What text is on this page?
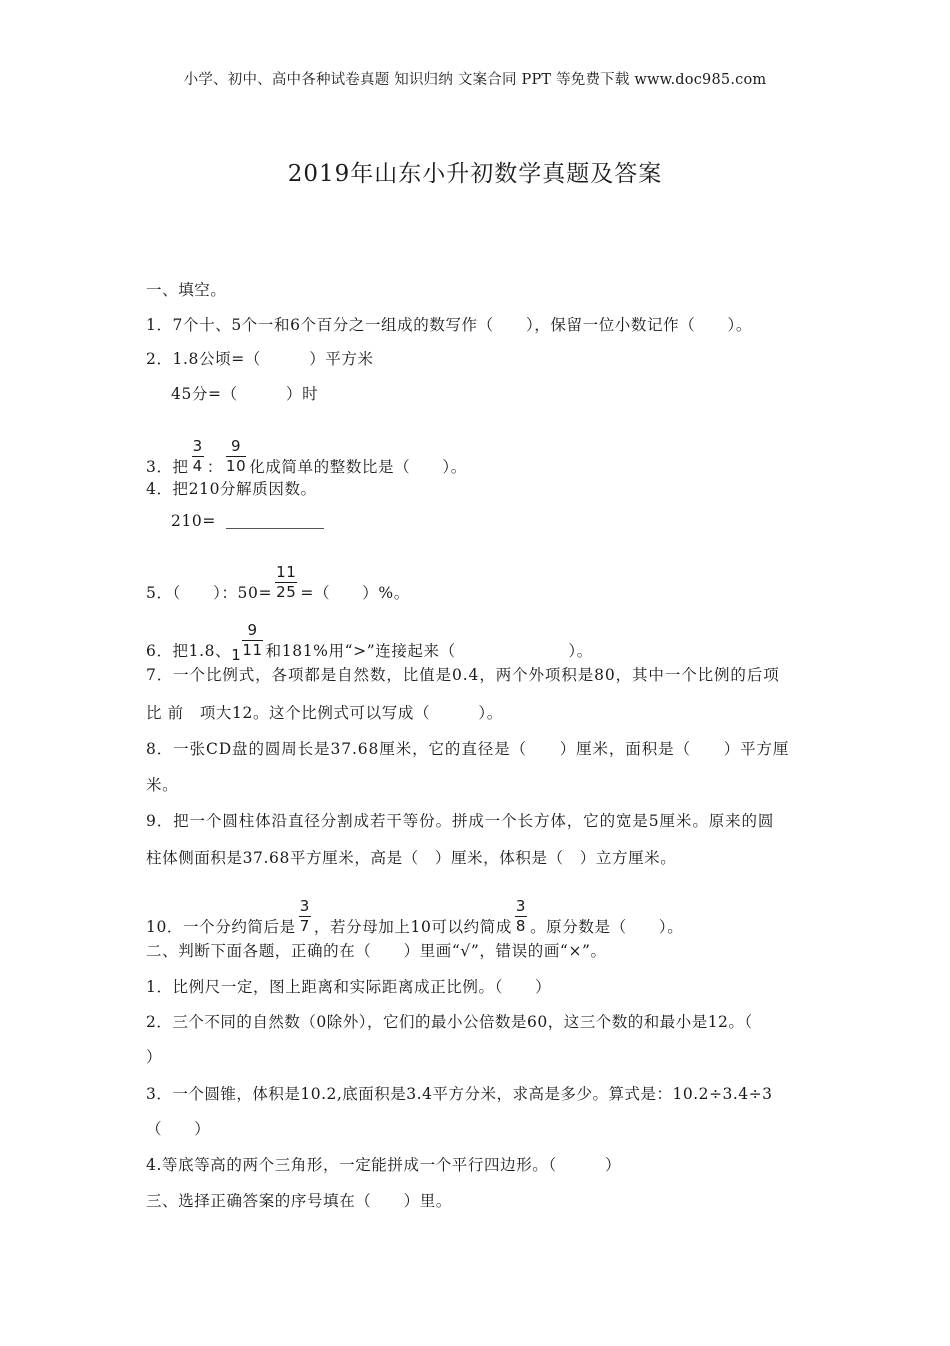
小学、初中、高中各种试卷真题 知识归纳 文案合同 PPT 等免费下载 www.doc985.com
2019年山东小升初数学真题及答案
一、填空。
1．7个十、5个一和6个百分之一组成的数写作（　　），保留一位小数记作（　　）。
2．1.8公顷=（　　　）平方米
45分=（　　　）时
3．把 $\frac{3}{4}$ ： $\frac{9}{10}$ 化成简单的整数比是（　　）。
4．把210分解质因数。
210=
5．（　　）：$50= \frac{11}{25}$ =（　　）%。
6．把1.8、$1 \frac{9}{11}$ 和181%用“>”连接起来（　　　　　　　）。
7．一个比例式，各项都是自然数，比值是0.4，两个外项积是80，其中一个比例的后项
比 前　项大12。这个比例式可以写成（　　　）。
8．一张CD盘的圆周长是37.68厘米，它的直径是（　　）厘米，面积是（　　）平方厘
米。
9．把一个圆柱体沿直径分割成若干等份。拼成一个长方体，它的宽是5厘米。原来的圆
柱体侧面积是37.68平方厘米，高是（　）厘米，体积是（　）立方厘米。
10．一个分约简后是 $\frac{3}{7}$ ，若分母加上10可以约简成 $\frac{3}{8}$ 。原分数是（　　）。
二、判断下面各题，正确的在（　　）里画“√”，错误的画“×”。
1．比例尺一定，图上距离和实际距离成正比例。（　　）
2．三个不同的自然数（0除外），它们的最小公倍数是60，这三个数的和最小是12。（
）
3．一个圆锥，体积是10.2,底面积是3.4平方分米，求高是多少。算式是：10.2÷3.4÷3
（　　）
4.等底等高的两个三角形，一定能拼成一个平行四边形。（　　　）
三、选择正确答案的序号填在（　　）里。
